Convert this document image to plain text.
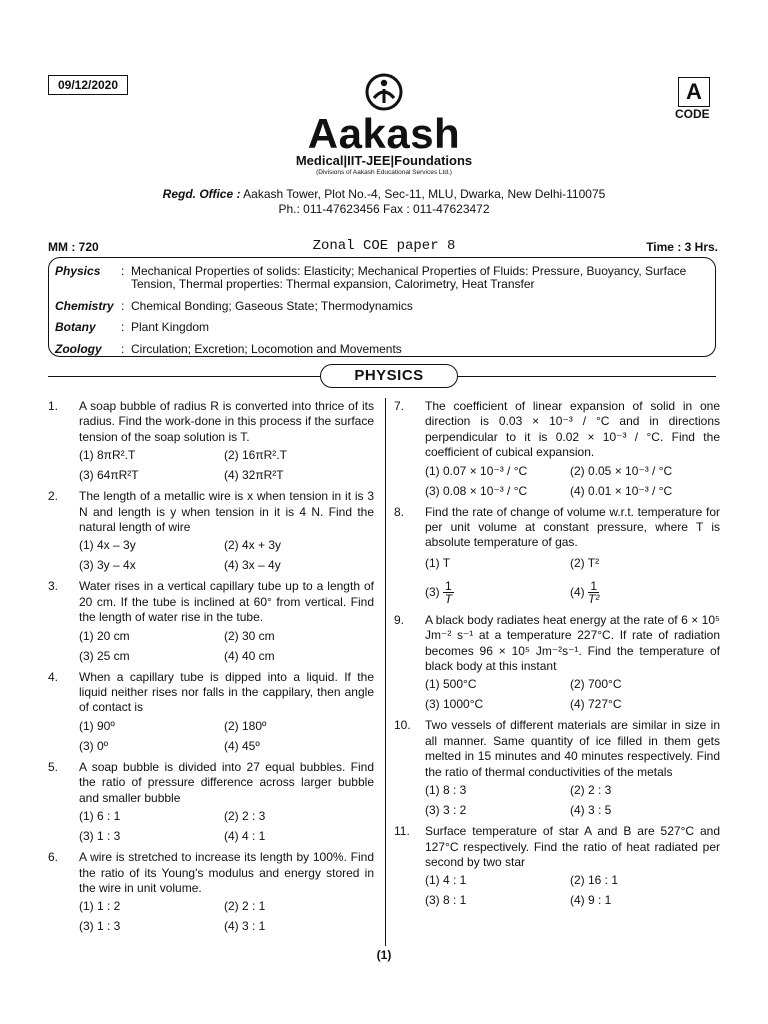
09/12/2020	A
CODE
Aakash
Medical|IIT-JEE|Foundations
(Divisions of Aakash Educational Services Ltd.)
Regd. Office : Aakash Tower, Plot No.-4, Sec-11, MLU, Dwarka, New Delhi-110075
Ph.: 011-47623456 Fax : 011-47623472
MM : 720	Zonal COE paper 8	Time : 3 Hrs.
Physics	: Mechanical Properties of solids: Elasticity; Mechanical Properties of Fluids: Pressure, Buoyancy, Surface Tension, Thermal properties: Thermal expansion, Calorimetry, Heat Transfer
Chemistry : Chemical Bonding; Gaseous State; Thermodynamics
Botany	: Plant Kingdom
Zoology	: Circulation; Excretion; Locomotion and Movements
PHYSICS
1.	A soap bubble of radius R is converted into thrice of its radius. Find the work-done in this process if the surface tension of the soap solution is T.
(1) 8πR².T	(2) 16πR².T
(3) 64πR²T	(4) 32πR²T
2.	The length of a metallic wire is x when tension in it is 3 N and length is y when tension in it is 4 N. Find the natural length of wire
(1) 4x – 3y	(2) 4x + 3y
(3) 3y – 4x	(4) 3x – 4y
3.	Water rises in a vertical capillary tube up to a length of 20 cm. If the tube is inclined at 60° from vertical. Find the length of water rise in the tube.
(1) 20 cm	(2) 30 cm
(3) 25 cm	(4) 40 cm
4.	When a capillary tube is dipped into a liquid. If the liquid neither rises nor falls in the cappilary, then angle of contact is
(1) 90º	(2) 180º
(3) 0º	(4) 45º
5.	A soap bubble is divided into 27 equal bubbles. Find the ratio of pressure difference across larger bubble and smaller bubble
(1) 6 : 1	(2) 2 : 3
(3) 1 : 3	(4) 4 : 1
6.	A wire is stretched to increase its length by 100%. Find the ratio of its Young's modulus and energy stored in the wire in unit volume.
(1) 1 : 2	(2) 2 : 1
(3) 1 : 3	(4) 3 : 1
7.	The coefficient of linear expansion of solid in one direction is 0.03 × 10⁻³ / °C and in directions perpendicular to it is 0.02 × 10⁻³ / °C. Find the coefficient of cubical expansion.
(1) 0.07 × 10⁻³ / °C	(2) 0.05 × 10⁻³ / °C
(3) 0.08 × 10⁻³ / °C	(4) 0.01 × 10⁻³ / °C
8.	Find the rate of change of volume w.r.t. temperature for per unit volume at constant pressure, where T is absolute temperature of gas.
(1) T	(2) T²
$(3) \frac{1}{T}$	$(4) \frac{1}{\text{T²}}$
9.	A black body radiates heat energy at the rate of 6 × 10⁵ Jm⁻² s⁻¹ at a temperature 227°C. If rate of radiation becomes 96 × 10⁵ Jm⁻²s⁻¹. Find the temperature of black body at this instant
(1) 500°C	(2) 700°C
(3) 1000°C	(4) 727°C
10.	Two vessels of different materials are similar in size in all manner. Same quantity of ice filled in them gets melted in 15 minutes and 40 minutes respectively. Find the ratio of thermal conductivities of the metals
(1) 8 : 3	(2) 2 : 3
(3) 3 : 2	(4) 3 : 5
11.	Surface temperature of star A and B are 527°C and 127°C respectively. Find the ratio of heat radiated per second by two star
(1) 4 : 1	(2) 16 : 1
(3) 8 : 1	(4) 9 : 1
(1)
